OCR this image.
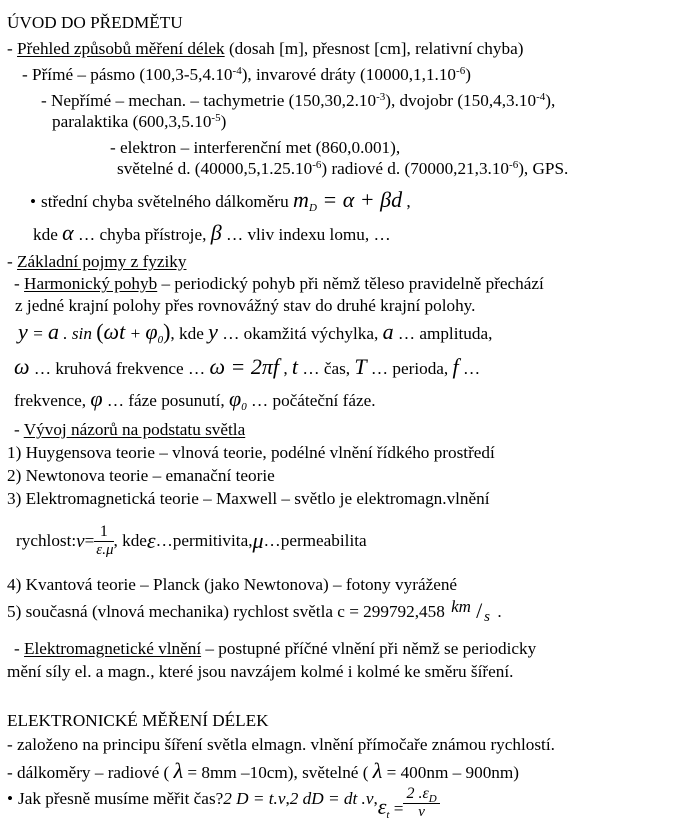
ÚVOD DO PŘEDMĚTU
- Přehled způsobů měření délek (dosah [m], přesnost [cm], relativní chyba)
- Přímé – pásmo $(100,3-5,4.10^{-4})$, invarové dráty $(10000,1,1.10^{-6})$
- Nepřímé – mechan. – tachymetrie $(150,30,2.10^{-3})$, dvojobr $(150,4,3.10^{-4})$,
paralaktika $(600,3,5.10^{-5})$
- elektron – interferenční met (860,0.001),
světelné d. $(40000,5,1.25.10^{-6})$ radiové d. $(70000,21,3.10^{-6})$, GPS.
• střední chyba světelného dálkoměru $m_D = \alpha + \beta d$ ,
kde α … chyba přístroje, β … vliv indexu lomu, …
- Základní pojmy z fyziky
- Harmonický pohyb – periodický pohyb při němž těleso pravidelně přechází
z jedné krajní polohy přes rovnovážný stav do druhé krajní polohy.
y = a . $\sin (\omega t + \varphi_0)$, kde y … okamžitá výchylka, a … amplituda,
ω … kruhová frekvence … ω = 2πf , t … čas, T … perioda, f …
frekvence, φ … fáze posunutí, $\varphi_0$ … počáteční fáze.
- Vývoj názorů na podstatu světla
1) Huygensova teorie – vlnová teorie, podélné vlnění řídkého prostředí
2) Newtonova teorie – emanační teorie
3) Elektromagnetická teorie – Maxwell – světlo je elektromagn.vlnění
rychlost: $v = \frac{1}{\varepsilon.\mu}$ , kde ε …permitivita, μ …permeabilita
4) Kvantová teorie – Planck (jako Newtonova) – fotony vyrážené
5) současná (vlnová mechanika) rychlost světla c = 299792,458 km / s .
- Elektromagnetické vlnění – postupné příčné vlnění při němž se periodicky
mění síly el. a magn., které jsou navzájem kolmé i kolmé ke směru šíření.
ELEKTRONICKÉ MĚŘENÍ DÉLEK
- založeno na principu šíření světla elmagn. vlnění přímočaře známou rychlostí.
- dálkoměry – radiové ( λ = 8mm –10cm), světelné ( λ = 400nm – 900nm)
• Jak přesně musíme měřit čas? 2 D = t.v , 2 dD = dt .v , $\varepsilon_t = \frac{2 .\varepsilon_D}{v}$
